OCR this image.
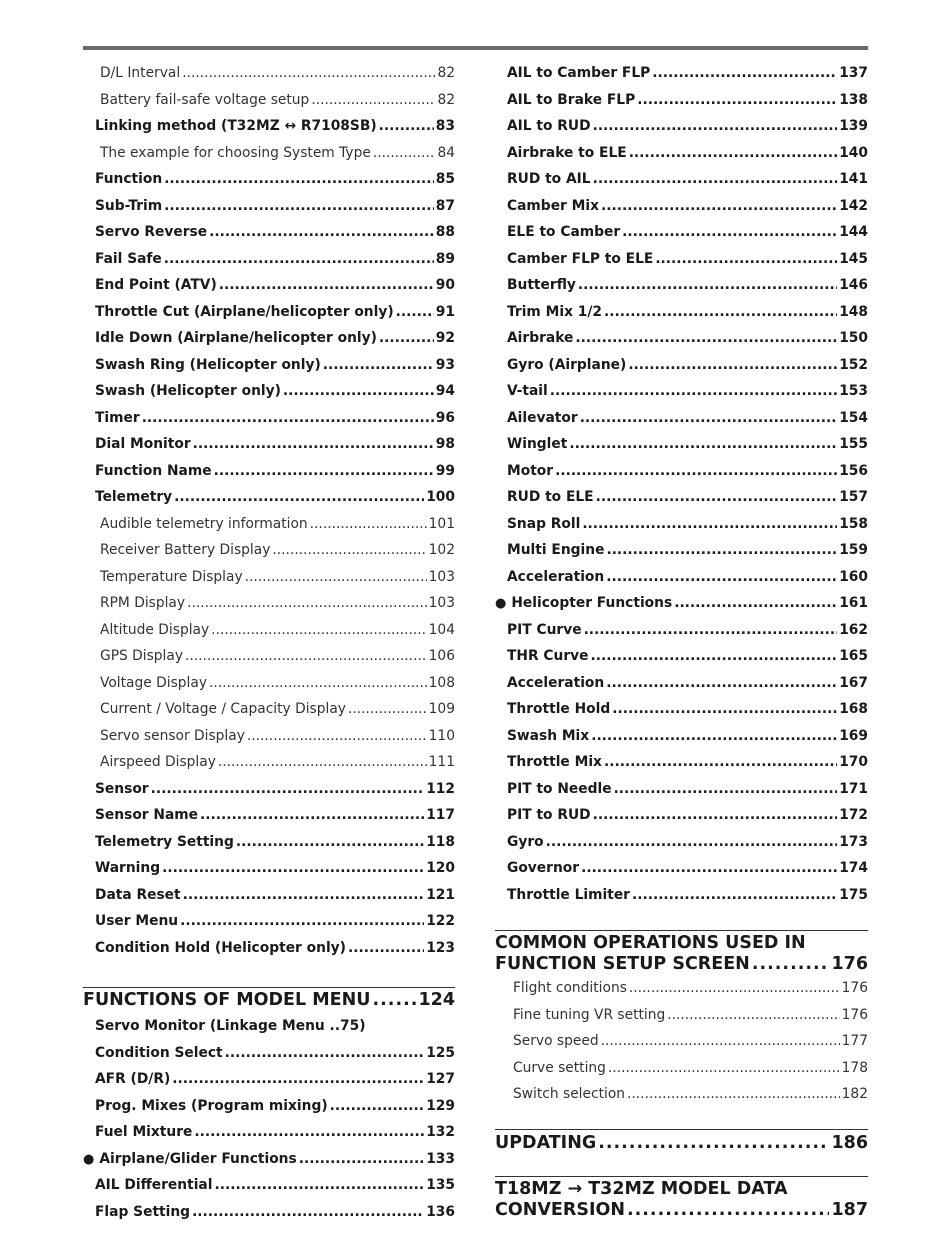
D/L Interval .....	82
Battery fail-safe voltage setup .....	82
Linking method (T32MZ ↔ R7108SB) .....	83
The example for choosing System Type .....	84
Function .....	85
Sub-Trim .....	87
Servo Reverse .....	88
Fail Safe .....	89
End Point (ATV) .....	90
Throttle Cut (Airplane/helicopter only) .....	91
Idle Down (Airplane/helicopter only) .....	92
Swash Ring (Helicopter only) .....	93
Swash (Helicopter only) .....	94
Timer .....	96
Dial Monitor .....	98
Function Name .....	99
Telemetry .....	100
Audible telemetry information .....	101
Receiver Battery Display .....	102
Temperature Display .....	103
RPM Display .....	103
Altitude Display .....	104
GPS Display .....	106
Voltage Display .....	108
Current / Voltage / Capacity Display .....	109
Servo sensor Display .....	110
Airspeed Display .....	111
Sensor .....	112
Sensor Name .....	117
Telemetry Setting .....	118
Warning .....	120
Data Reset .....	121
User Menu .....	122
Condition Hold (Helicopter only) .....	123
FUNCTIONS OF MODEL MENU .....	124
Servo Monitor (Linkage Menu ..75)
Condition Select .....	125
AFR (D/R) .....	127
Prog. Mixes (Program mixing) .....	129
Fuel Mixture .....	132
● Airplane/Glider Functions .....	133
AIL Differential .....	135
Flap Setting .....	136
AIL to Camber FLP .....	137
AIL to Brake FLP .....	138
AIL to RUD .....	139
Airbrake to ELE .....	140
RUD to AIL .....	141
Camber Mix .....	142
ELE to Camber .....	144
Camber FLP to ELE .....	145
Butterfly .....	146
Trim Mix 1/2 .....	148
Airbrake .....	150
Gyro (Airplane) .....	152
V-tail .....	153
Ailevator .....	154
Winglet .....	155
Motor .....	156
RUD to ELE .....	157
Snap Roll .....	158
Multi Engine .....	159
Acceleration .....	160
● Helicopter Functions .....	161
PIT Curve .....	162
THR Curve .....	165
Acceleration .....	167
Throttle Hold .....	168
Swash Mix .....	169
Throttle Mix .....	170
PIT to Needle .....	171
PIT to RUD .....	172
Gyro .....	173
Governor .....	174
Throttle Limiter .....	175
COMMON OPERATIONS USED IN
FUNCTION SETUP SCREEN .....	176
Flight conditions .....	176
Fine tuning VR setting .....	176
Servo speed .....	177
Curve setting .....	178
Switch selection .....	182
UPDATING .....	186
T18MZ → T32MZ MODEL DATA
CONVERSION .....	187
